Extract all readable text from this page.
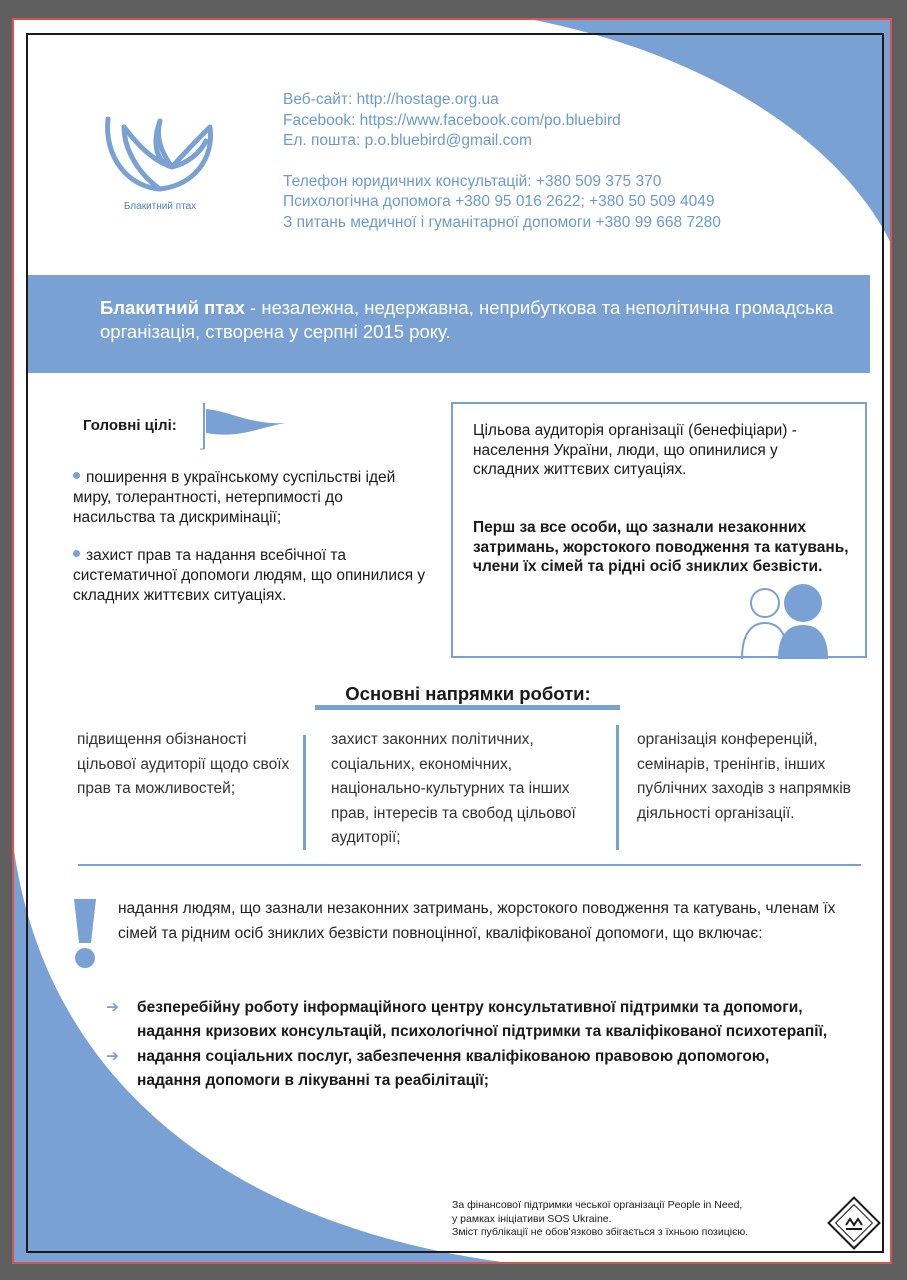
Блакитний птах
Веб-сайт: http://hostage.org.ua
Facebook: https://www.facebook.com/po.bluebird
Ел. пошта: p.o.bluebird@gmail.com
Телефон юридичних консультацій: +380 509 375 370
Психологічна допомога +380 95 016 2622; +380 50 509 4049
З питань медичної і гуманітарної допомоги +380 99 668 7280
Блакитний птах - незалежна, недержавна, неприбуткова та неполітична громадська організація, створена у серпні 2015 року.
Головні цілі:
поширення в українському суспільстві ідей миру, толерантності, нетерпимості до насильства та дискримінації;
захист прав та надання всебічної та систематичної допомоги людям, що опинилися у складних життєвих ситуаціях.
Цільова аудиторія організації (бенефіціари) - населення України, люди, що опинилися у складних життєвих ситуаціях.
Перш за все особи, що зазнали незаконних затримань, жорстокого поводження та катувань, члени їх сімей та рідні осіб зниклих безвісти.
Основні напрямки роботи:
підвищення обізнаності цільової аудиторії щодо своїх прав та можливостей;
захист законних політичних, соціальних, економічних, національно-культурних та інших прав, інтересів та свобод цільової аудиторії;
організація конференцій, семінарів, тренінгів, інших публічних заходів з напрямків діяльності організації.
надання людям, що зазнали незаконних затримань, жорстокого поводження та катувань, членам їх сімей та рідним осіб зниклих безвісти повноцінної, кваліфікованої допомоги, що включає:
➔ безперебійну роботу інформаційного центру консультативної підтримки та допомоги, надання кризових консультацій, психологічної підтримки та кваліфікованої психотерапії,
➔ надання соціальних послуг, забезпечення кваліфікованою правовою допомогою,
➔ надання допомоги в лікуванні та реабілітації;
За фінансової підтримки чеської організації People in Need,
у рамках ініціативи SOS Ukraine.
Зміст публікації не обов'язково збігається з їхньою позицією.
